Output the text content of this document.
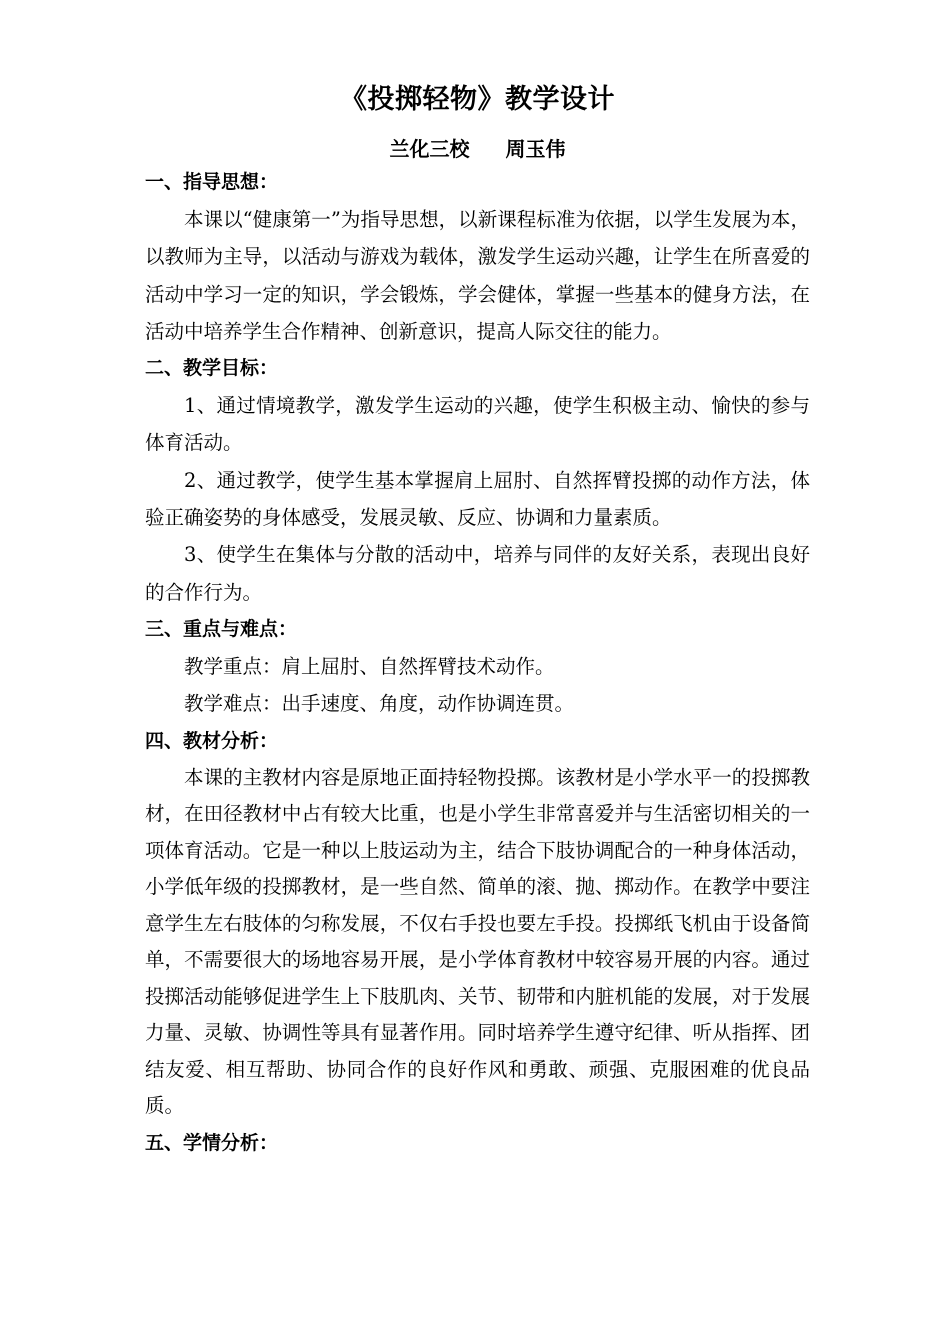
《投掷轻物》教学设计

兰化三校 周玉伟

一、指导思想：

本课以“健康第一”为指导思想，以新课程标准为依据，以学生发展为本，以教师为主导，以活动与游戏为载体，激发学生运动兴趣，让学生在所喜爱的活动中学习一定的知识，学会锻炼，学会健体，掌握一些基本的健身方法，在活动中培养学生合作精神、创新意识，提高人际交往的能力。

二、教学目标：

1、通过情境教学，激发学生运动的兴趣，使学生积极主动、愉快的参与体育活动。

2、通过教学，使学生基本掌握肩上屈肘、自然挥臂投掷的动作方法，体验正确姿势的身体感受，发展灵敏、反应、协调和力量素质。

3、使学生在集体与分散的活动中，培养与同伴的友好关系，表现出良好的合作行为。

三、重点与难点：

教学重点：肩上屈肘、自然挥臂技术动作。

教学难点：出手速度、角度，动作协调连贯。

四、教材分析：

本课的主教材内容是原地正面持轻物投掷。该教材是小学水平一的投掷教材，在田径教材中占有较大比重，也是小学生非常喜爱并与生活密切相关的一项体育活动。它是一种以上肢运动为主，结合下肢协调配合的一种身体活动，小学低年级的投掷教材，是一些自然、简单的滚、抛、掷动作。在教学中要注意学生左右肢体的匀称发展，不仅右手投也要左手投。投掷纸飞机由于设备简单，不需要很大的场地容易开展，是小学体育教材中较容易开展的内容。通过投掷活动能够促进学生上下肢肌肉、关节、韧带和内脏机能的发展，对于发展力量、灵敏、协调性等具有显著作用。同时培养学生遵守纪律、听从指挥、团结友爱、相互帮助、协同合作的良好作风和勇敢、顽强、克服困难的优良品质。

五、学情分析：
